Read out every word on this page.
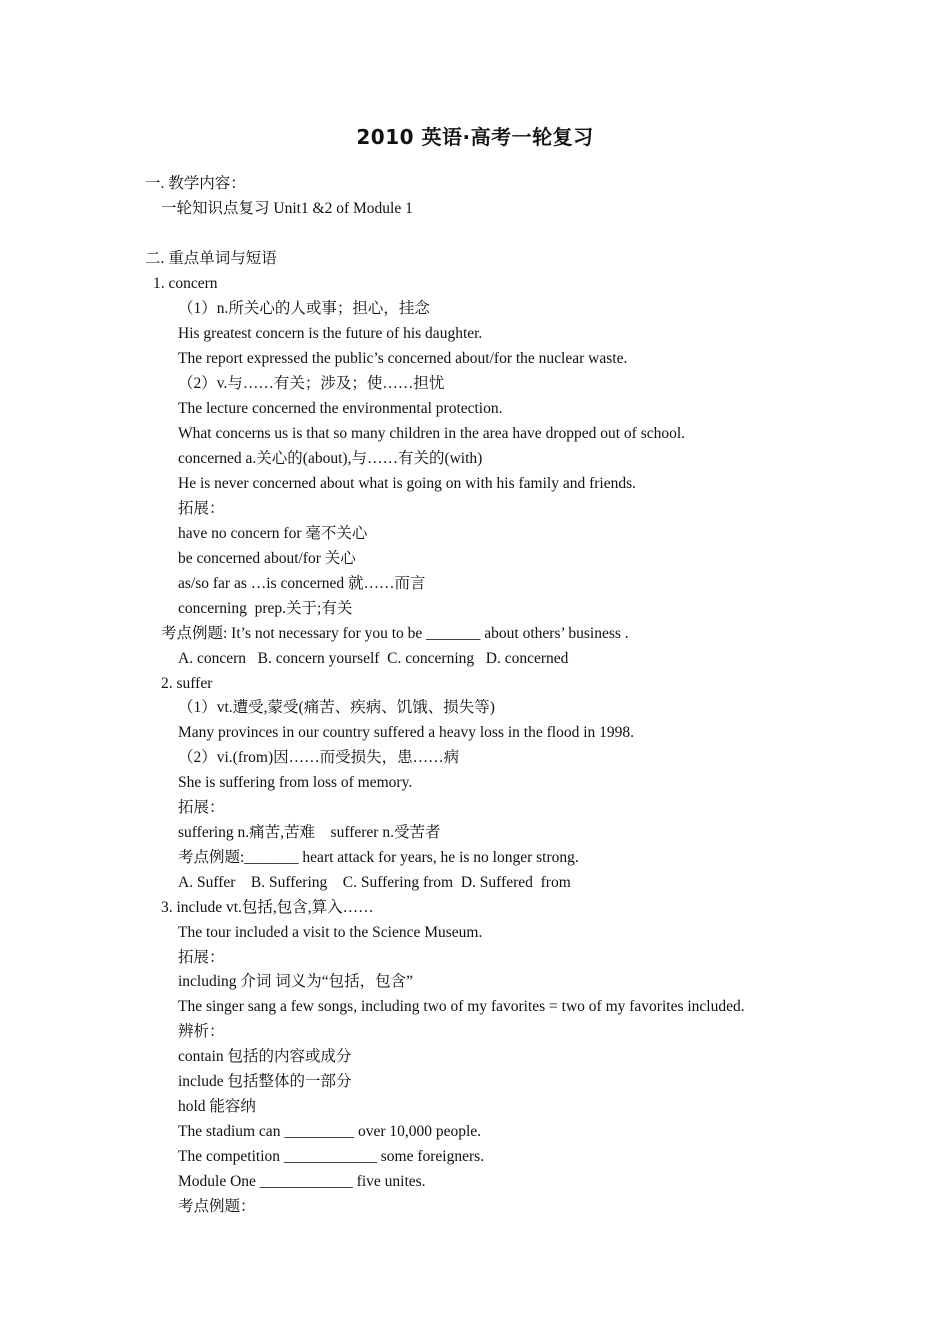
2010 英语·高考一轮复习
一. 教学内容：
一轮知识点复习 Unit1 &2 of Module 1
二. 重点单词与短语
1. concern
（1）n.所关心的人或事；担心，挂念
His greatest concern is the future of his daughter.
The report expressed the public’s concerned about/for the nuclear waste.
（2）v.与……有关；涉及；使……担忧
The lecture concerned the environmental protection.
What concerns us is that so many children in the area have dropped out of school.
concerned a.关心的(about),与……有关的(with)
He is never concerned about what is going on with his family and friends.
拓展：
have no concern for 毫不关心
be concerned about/for 关心
as/so far as …is concerned 就……而言
concerning  prep.关于;有关
考点例题: It’s not necessary for you to be _______ about others’ business .
A. concern   B. concern yourself  C. concerning   D. concerned
2. suffer
（1）vt.遭受,蒙受(痛苦、疾病、饥饿、损失等)
Many provinces in our country suffered a heavy loss in the flood in 1998.
（2）vi.(from)因……而受损失，患……病
She is suffering from loss of memory.
拓展：
suffering n.痛苦,苦难    sufferer n.受苦者
考点例题:_______ heart attack for years, he is no longer strong.
A. Suffer    B. Suffering    C. Suffering from  D. Suffered  from
3. include vt.包括,包含,算入……
The tour included a visit to the Science Museum.
拓展：
including 介词 词义为“包括，包含”
The singer sang a few songs, including two of my favorites = two of my favorites included.
辨析：
contain 包括的内容或成分
include 包括整体的一部分
hold 能容纳
The stadium can _________ over 10,000 people.
The competition ____________ some foreigners.
Module One ____________ five unites.
考点例题：
